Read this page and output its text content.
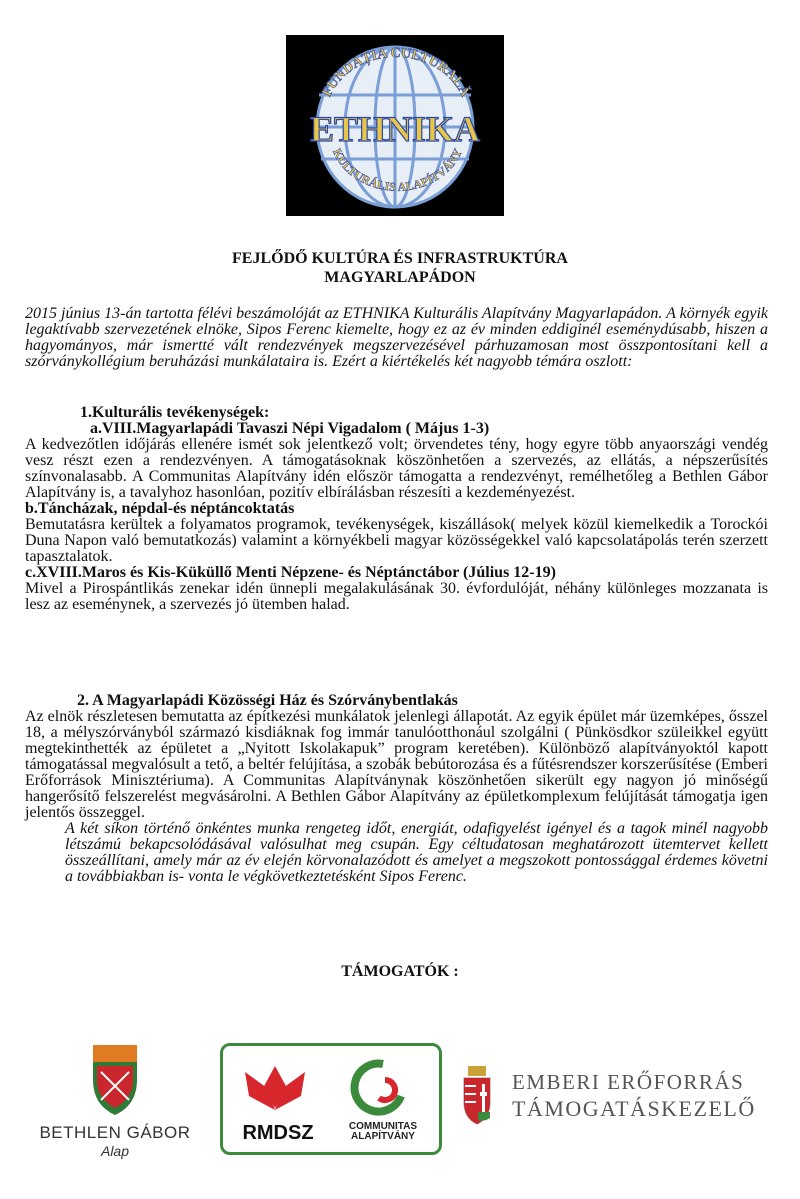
FUNDAȚIA CULTURALĂ
ETHNIKA
KULTURÁLIS ALAPÍTVÁNY
FEJLŐDŐ KULTÚRA ÉS INFRASTRUKTÚRA
MAGYARLAPÁDON
2015 június 13-án tartotta félévi beszámolóját az ETHNIKA Kulturális Alapítvány Magyarlapádon. A környék egyik legaktívabb szervezetének elnöke, Sipos Ferenc kiemelte, hogy ez az év minden eddiginél eseménydúsabb, hiszen a hagyományos, már ismertté vált rendezvények megszervezésével párhuzamosan most összpontosítani kell a szórványkollégium beruházási munkálataira is. Ezért a kiértékelés két nagyobb témára oszlott:

1.Kulturális tevékenységek:

a.VIII.Magyarlapádi Tavaszi Népi Vigadalom ( Május 1-3)

A kedvezőtlen időjárás ellenére ismét sok jelentkező volt; örvendetes tény, hogy egyre több anyaországi vendég vesz részt ezen a rendezvényen. A támogatásoknak köszönhetően a szervezés, az ellátás, a népszerűsítés színvonalasabb. A Communitas Alapítvány idén először támogatta a rendezvényt, remélhetőleg a Bethlen Gábor Alapítvány is, a tavalyhoz hasonlóan, pozitív elbírálásban részesíti a kezdeményezést.

b.Táncházak, népdal-és néptáncoktatás

Bemutatásra kerültek a folyamatos programok, tevékenységek, kiszállások( melyek közül kiemelkedik a Torockói Duna Napon való bemutatkozás) valamint a környékbeli magyar közösségekkel való kapcsolatápolás terén szerzett tapasztalatok.

c.XVIII.Maros és Kis-Küküllő Menti Népzene- és Néptánctábor (Július 12-19)

Mivel a Pirospántlikás zenekar idén ünnepli megalakulásának 30. évfordulóját, néhány különleges mozzanata is lesz az eseménynek, a szervezés jó ütemben halad.

2. A Magyarlapádi Közösségi Ház és Szórványbentlakás

Az elnök részletesen bemutatta az építkezési munkálatok jelenlegi állapotát. Az egyik épület már üzemképes, ősszel 18, a mélyszórványból származó kisdiáknak fog immár tanulóotthonául szolgálni ( Pünkösdkor szüleikkel együtt megtekinthették az épületet a „Nyitott Iskolakapuk” program keretében). Különböző alapítványoktól kapott támogatással megvalósult a tető, a beltér felújítása, a szobák bebútorozása és a fűtésrendszer korszerűsítése (Emberi Erőforrások Minisztériuma). A Communitas Alapítványnak köszönhetően sikerült egy nagyon jó minőségű hangerősítő felszerelést megvásárolni. A Bethlen Gábor Alapítvány az épületkomplexum felújítását támogatja igen jelentős összeggel.

A két síkon történő önkéntes munka rengeteg időt, energiát, odafigyelést igényel és a tagok minél nagyobb létszámú bekapcsolódásával valósulhat meg csupán. Egy céltudatosan meghatározott ütemtervet kellett összeállítani, amely már az év elején körvonalazódott és amelyet a megszokott pontossággal érdemes követni a továbbiakban is- vonta le végkövetkeztetésként Sipos Ferenc.

TÁMOGATÓK :
BETHLEN GÁBOR
Alap
RMDSZ	COMMUNITAS
ALAPÍTVÁNY
EMBERI ERŐFORRÁS
TÁMOGATÁSKEZELŐ
